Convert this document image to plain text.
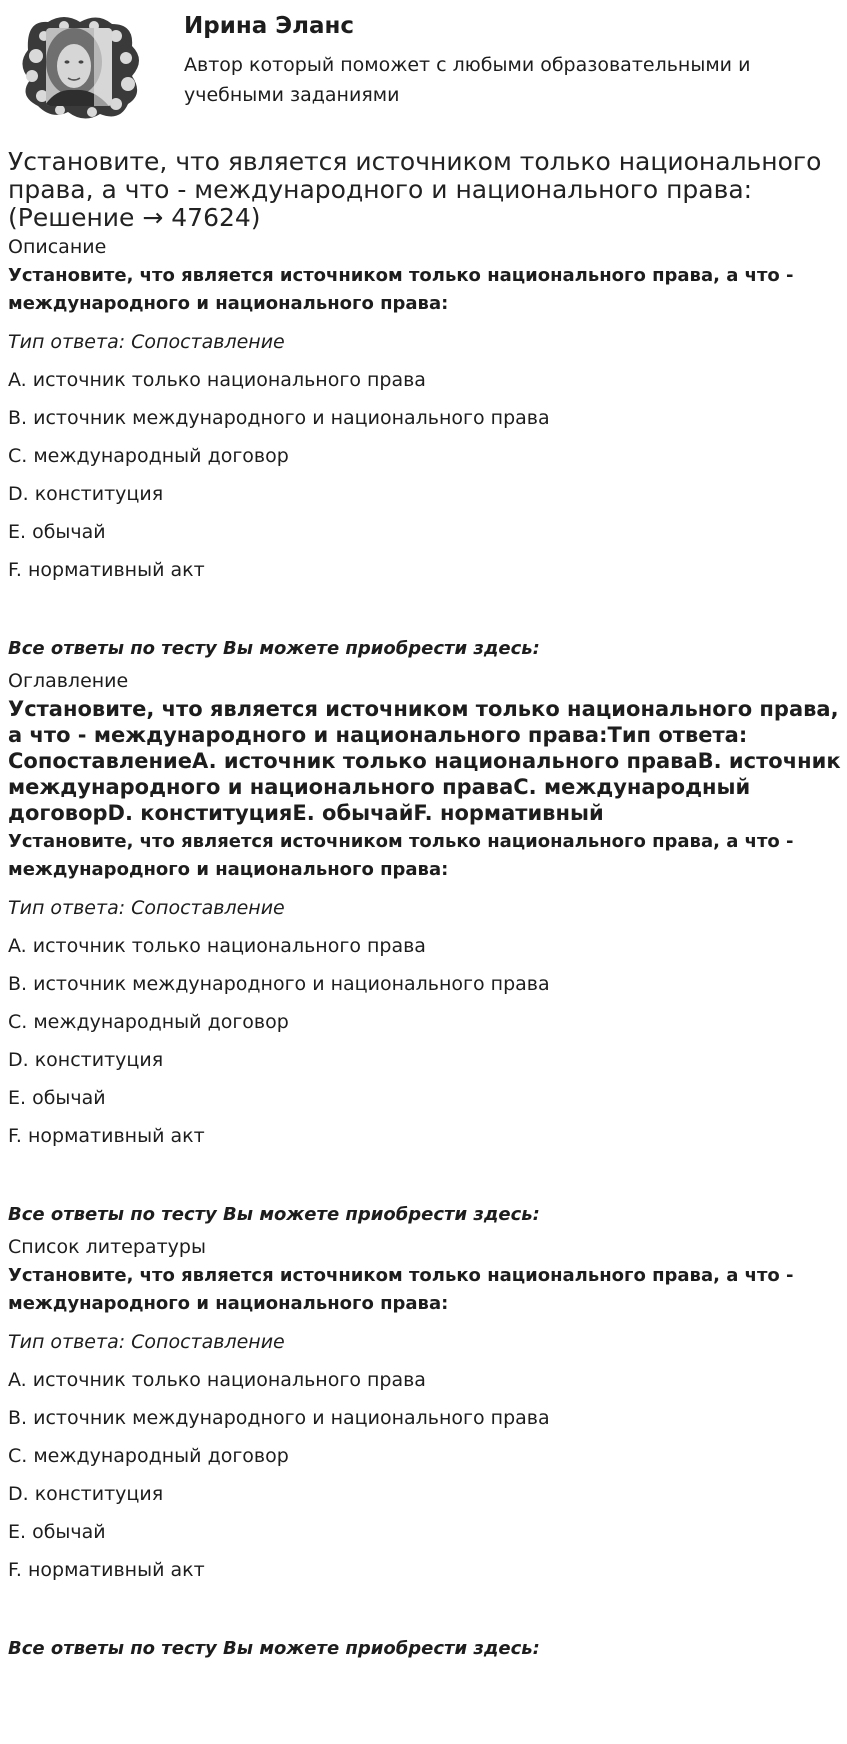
Ирина Эланс
Автор который поможет с любыми образовательными и учебными заданиями
Установите, что является источником только национального права, а что - международного и национального права: (Решение → 47624)
Описание
Установите, что является источником только национального права, а что - международного и национального права:
Тип ответа: Сопоставление
A. источник только национального права
B. источник международного и национального права
C. международный договор
D. конституция
E. обычай
F. нормативный акт
Все ответы по тесту Вы можете приобрести здесь:
Оглавление
Установите, что является источником только национального права, а что - международного и национального права:Тип ответа: СопоставлениеA. источник только национального праваB. источник международного и национального праваC. международный договорD. конституцияE. обычайF. нормативный
Установите, что является источником только национального права, а что - международного и национального права:
Тип ответа: Сопоставление
A. источник только национального права
B. источник международного и национального права
C. международный договор
D. конституция
E. обычай
F. нормативный акт
Все ответы по тесту Вы можете приобрести здесь:
Список литературы
Установите, что является источником только национального права, а что - международного и национального права:
Тип ответа: Сопоставление
A. источник только национального права
B. источник международного и национального права
C. международный договор
D. конституция
E. обычай
F. нормативный акт
Все ответы по тесту Вы можете приобрести здесь:
